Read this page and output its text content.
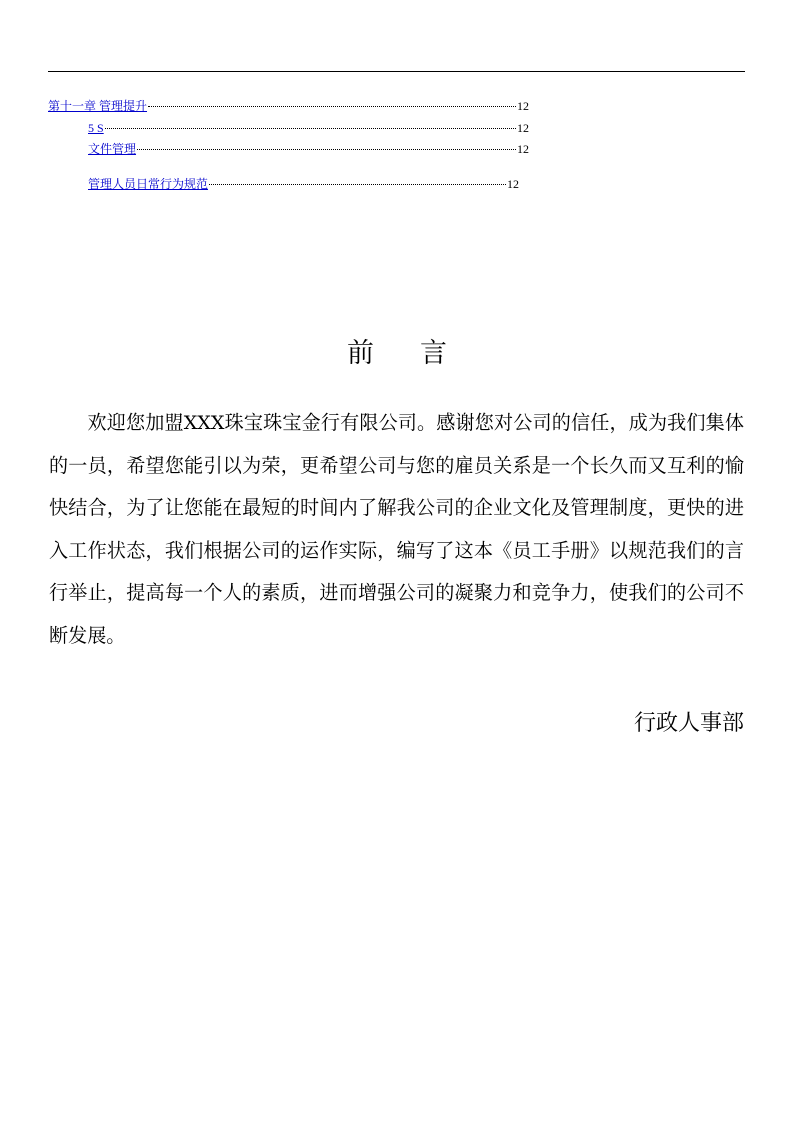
第十一章 管理提升	12
5 S	12
文件管理	12
管理人员日常行为规范	12
前言

欢迎您加盟XXX珠宝珠宝金行有限公司。感谢您对公司的信任，成为我们集体的一员，希望您能引以为荣，更希望公司与您的雇员关系是一个长久而又互利的愉快结合，为了让您能在最短的时间内了解我公司的企业文化及管理制度，更快的进入工作状态，我们根据公司的运作实际，编写了这本《员工手册》以规范我们的言行举止，提高每一个人的素质，进而增强公司的凝聚力和竞争力，使我们的公司不断发展。

行政人事部
